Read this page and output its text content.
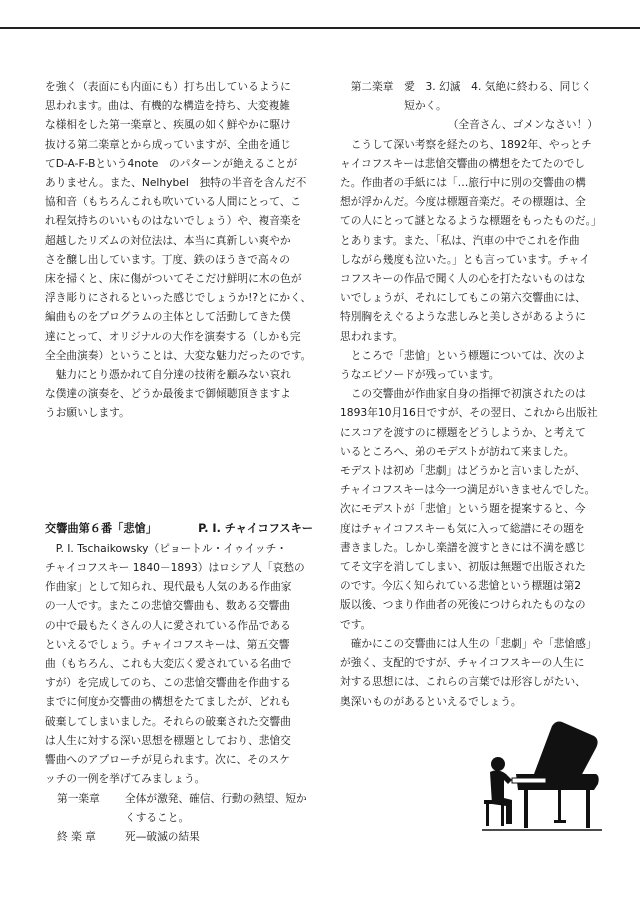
を強く（表面にも内面にも）打ち出しているように
思われます。曲は、有機的な構造を持ち、大変複雑
な様相をした第一楽章と、疾風の如く鮮やかに駆け
抜ける第二楽章とから成っていますが、全曲を通じ
てD-A-F-Bという4note　のパターンが絶えることが
ありません。また、Nelhybel　独特の半音を含んだ不
協和音（もちろんこれも吹いている人間にとって、こ
れ程気持ちのいいものはないでしょう）や、複音楽を
超越したリズムの対位法は、本当に真新しい爽やか
さを醸し出しています。丁度、鉄のほうきで高々の
床を掃くと、床に傷がついてそこだけ鮮明に木の色が
浮き彫りにされるといった感じでしょうか!?とにかく、
編曲ものをプログラムの主体として活動してきた僕
達にとって、オリジナルの大作を演奏する（しかも完
全全曲演奏）ということは、大変な魅力だったのです。
　魅力にとり憑かれて自分達の技術を顧みない哀れ
な僕達の演奏を、どうか最後まで御傾聴頂きますよ
うお願いします。
交響曲第６番「悲愴」	P. I. チャイコフスキー
　P. I. Tschaikowsky（ピョートル・イゥイッチ・
チャイコフスキー 1840－1893）はロシア人「哀愁の
作曲家」として知られ、現代最も人気のある作曲家
の一人です。またこの悲愴交響曲も、数ある交響曲
の中で最もたくさんの人に愛されている作品である
といえるでしょう。チャイコフスキーは、第五交響
曲（もちろん、これも大変広く愛されている名曲で
すが）を完成してのち、この悲愴交響曲を作曲する
までに何度か交響曲の構想をたてましたが、どれも
破棄してしまいました。それらの破棄された交響曲
は人生に対する深い思想を標題としており、悲愴交
響曲へのアプローチが見られます。次に、そのスケ
ッチの一例を挙げてみましょう。
第一楽章	全体が激発、確信、行動の熱望、短か
くすること。
終 楽 章	死—破滅の結果
　第二楽章　愛　3. 幻滅　4. 気絶に終わる、同じく
　　　　　　短かく。
（全音さん、ゴメンなさい！）
　こうして深い考察を経たのち、1892年、やっとチ
ャイコフスキーは悲愴交響曲の構想をたてたのでし
た。作曲者の手紙には「…旅行中に別の交響曲の構
想が浮かんだ。今度は標題音楽だ。その標題は、全
ての人にとって謎となるような標題をもったものだ。」
とあります。また、「私は、汽車の中でこれを作曲
しながら幾度も泣いた。」とも言っています。チャイ
コフスキーの作品で聞く人の心を打たないものはな
いでしょうが、それにしてもこの第六交響曲には、
特別胸をえぐるような悲しみと美しさがあるように
思われます。
　ところで「悲愴」という標題については、次のよ
うなエピソードが残っています。
　この交響曲が作曲家自身の指揮で初演されたのは
1893年10月16日ですが、その翌日、これから出版社
にスコアを渡すのに標題をどうしようか、と考えて
いるところへ、弟のモデストが訪ねて来ました。
モデストは初め「悲劇」はどうかと言いましたが、
チャイコフスキーは今一つ満足がいきませんでした。
次にモデストが「悲愴」という題を提案すると、今
度はチャイコフスキーも気に入って総譜にその題を
書きました。しかし楽譜を渡すときには不満を感じ
てそ文字を消してしまい、初版は無題で出版された
のです。今広く知られている悲愴という標題は第2
版以後、つまり作曲者の死後につけられたものなの
です。
　確かにこの交響曲には人生の「悲劇」や「悲愴感」
が強く、支配的ですが、チャイコフスキーの人生に
対する思想には、これらの言葉では形容しがたい、
奥深いものがあるといえるでしょう。
